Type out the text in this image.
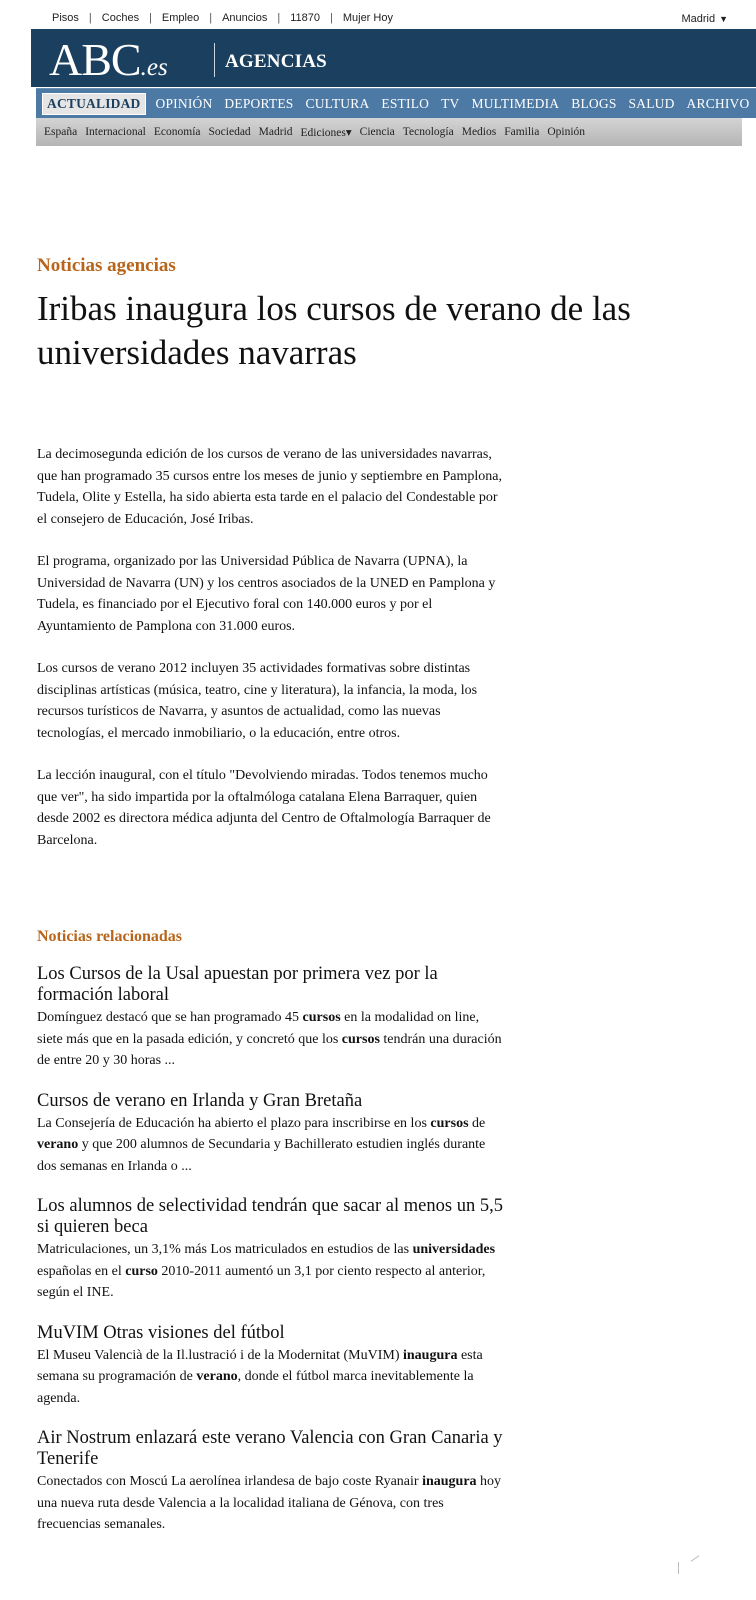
Pisos | Coches | Empleo | Anuncios | 11870 | Mujer Hoy	Madrid ▼
ABC.es	AGENCIAS
ACTUALIDAD	OPINIÓN DEPORTES CULTURA ESTILO TV MULTIMEDIA BLOGS SALUD ARCHIVO
España Internacional Economía Sociedad Madrid Ediciones▾ Ciencia Tecnología Medios Familia Opinión
Noticias agencias
Iribas inaugura los cursos de verano de las universidades navarras

La decimosegunda edición de los cursos de verano de las universidades navarras, que han programado 35 cursos entre los meses de junio y septiembre en Pamplona, Tudela, Olite y Estella, ha sido abierta esta tarde en el palacio del Condestable por el consejero de Educación, José Iribas.

El programa, organizado por las Universidad Pública de Navarra (UPNA), la Universidad de Navarra (UN) y los centros asociados de la UNED en Pamplona y Tudela, es financiado por el Ejecutivo foral con 140.000 euros y por el Ayuntamiento de Pamplona con 31.000 euros.

Los cursos de verano 2012 incluyen 35 actividades formativas sobre distintas disciplinas artísticas (música, teatro, cine y literatura), la infancia, la moda, los recursos turísticos de Navarra, y asuntos de actualidad, como las nuevas tecnologías, el mercado inmobiliario, o la educación, entre otros.

La lección inaugural, con el título "Devolviendo miradas. Todos tenemos mucho que ver", ha sido impartida por la oftalmóloga catalana Elena Barraquer, quien desde 2002 es directora médica adjunta del Centro de Oftalmología Barraquer de Barcelona.

Noticias relacionadas
Los Cursos de la Usal apuestan por primera vez por la formación laboral
Domínguez destacó que se han programado 45 cursos en la modalidad on line, siete más que en la pasada edición, y concretó que los cursos tendrán una duración de entre 20 y 30 horas ...
Cursos de verano en Irlanda y Gran Bretaña
La Consejería de Educación ha abierto el plazo para inscribirse en los cursos de verano y que 200 alumnos de Secundaria y Bachillerato estudien inglés durante dos semanas en Irlanda o ...
Los alumnos de selectividad tendrán que sacar al menos un 5,5 si quieren beca
Matriculaciones, un 3,1% más Los matriculados en estudios de las universidades españolas en el curso 2010-2011 aumentó un 3,1 por ciento respecto al anterior, según el INE.
MuVIM Otras visiones del fútbol
El Museu Valencià de la Il.lustració i de la Modernitat (MuVIM) inaugura esta semana su programación de verano, donde el fútbol marca inevitablemente la agenda.
Air Nostrum enlazará este verano Valencia con Gran Canaria y Tenerife
Conectados con Moscú La aerolínea irlandesa de bajo coste Ryanair inaugura hoy una nueva ruta desde Valencia a la localidad italiana de Génova, con tres frecuencias semanales.
